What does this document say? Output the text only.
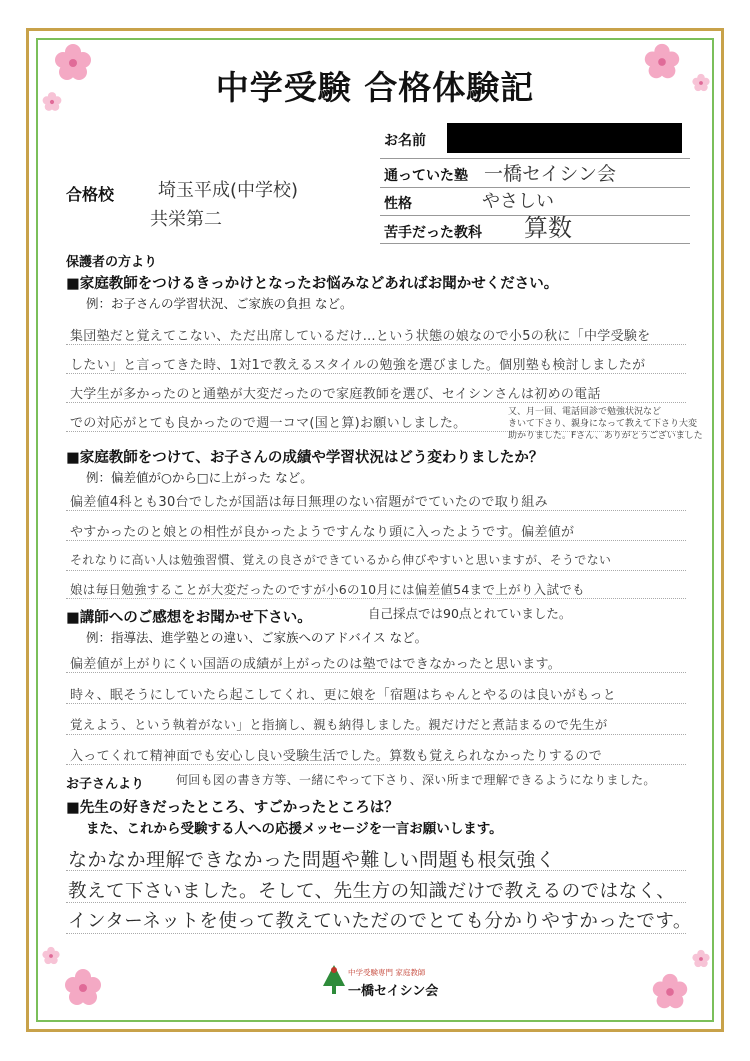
中学受験 合格体験記
お名前
通っていた塾 一橋セイシン会
性格	やさしい
苦手だった教科 算数
合格校 埼玉平成(中学校)
共栄第二
保護者の方より
■家庭教師をつけるきっかけとなったお悩みなどあればお聞かせください。
例：お子さんの学習状況、ご家族の負担 など。
集団塾だと覚えてこない、ただ出席しているだけ…という状態の娘なので小5の秋に「中学受験を
したい」と言ってきた時、1対1で教えるスタイルの勉強を選びました。個別塾も検討しましたが
大学生が多かったのと通塾が大変だったので家庭教師を選び、セイシンさんは初めの電話
での対応がとても良かったので週一コマ(国と算)お願いしました。
又、月一回、電話回診で勉強状況など
きいて下さり、親身になって教えて下さり大変
助かりました。Fさん、ありがとうございました
■家庭教師をつけて、お子さんの成績や学習状況はどう変わりましたか？
例：偏差値が○から□に上がった など。
偏差値4科とも30台でしたが国語は毎日無理のない宿題がでていたので取り組み
やすかったのと娘との相性が良かったようですんなり頭に入ったようです。偏差値が
それなりに高い人は勉強習慣、覚えの良さができているから伸びやすいと思いますが、そうでない
娘は毎日勉強することが大変だったのですが小6の10月には偏差値54まで上がり入試でも
■講師へのご感想をお聞かせ下さい。	自己採点では90点とれていました。
例：指導法、進学塾との違い、ご家族へのアドバイス など。
偏差値が上がりにくい国語の成績が上がったのは塾ではできなかったと思います。
時々、眠そうにしていたら起こしてくれ、更に娘を「宿題はちゃんとやるのは良いがもっと
覚えよう、という執着がない」と指摘し、親も納得しました。親だけだと煮詰まるので先生が
入ってくれて精神面でも安心し良い受験生活でした。算数も覚えられなかったりするので
お子さんより	何回も図の書き方等、一緒にやって下さり、深い所まで理解できるようになりました。
■先生の好きだったところ、すごかったところは？
また、これから受験する人への応援メッセージを一言お願いします。
なかなか理解できなかった問題や難しい問題も根気強く
教えて下さいました。そして、先生方の知識だけで教えるのではなく、
インターネットを使って教えていただのでとても分かりやすかったです。
中学受験専門 家庭教師
一橋セイシン会
